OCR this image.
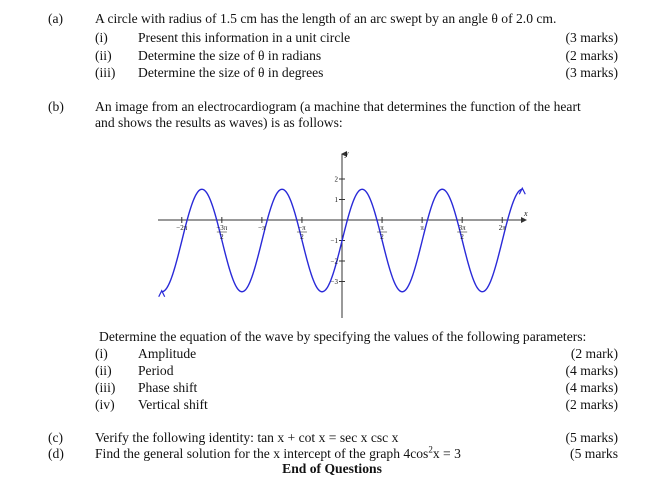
(a) A circle with radius of 1.5 cm has the length of an arc swept by an angle θ of 2.0 cm.
(i) Present this information in a unit circle	(3 marks)
(ii) Determine the size of θ in radians	(2 marks)
(iii) Determine the size of θ in degrees	(3 marks)
(b) An image from an electrocardiogram (a machine that determines the function of the heart
and shows the results as waves) is as follows:
x
y
−2π	−3π
2
−π	−π
2
π
2
π	3π
2
2π
2
1
−1
−2
−3
Determine the equation of the wave by specifying the values of the following parameters:
(i) Amplitude	(2 mark)
(ii) Period	(4 marks)
(iii) Phase shift	(4 marks)
(iv) Vertical shift	(2 marks)
(c) Verify the following identity: tan x + cot x = sec x csc x	(5 marks)
(d) Find the general solution for the x intercept of the graph $4\cos^2x = 3$	(5 marks
End of Questions
